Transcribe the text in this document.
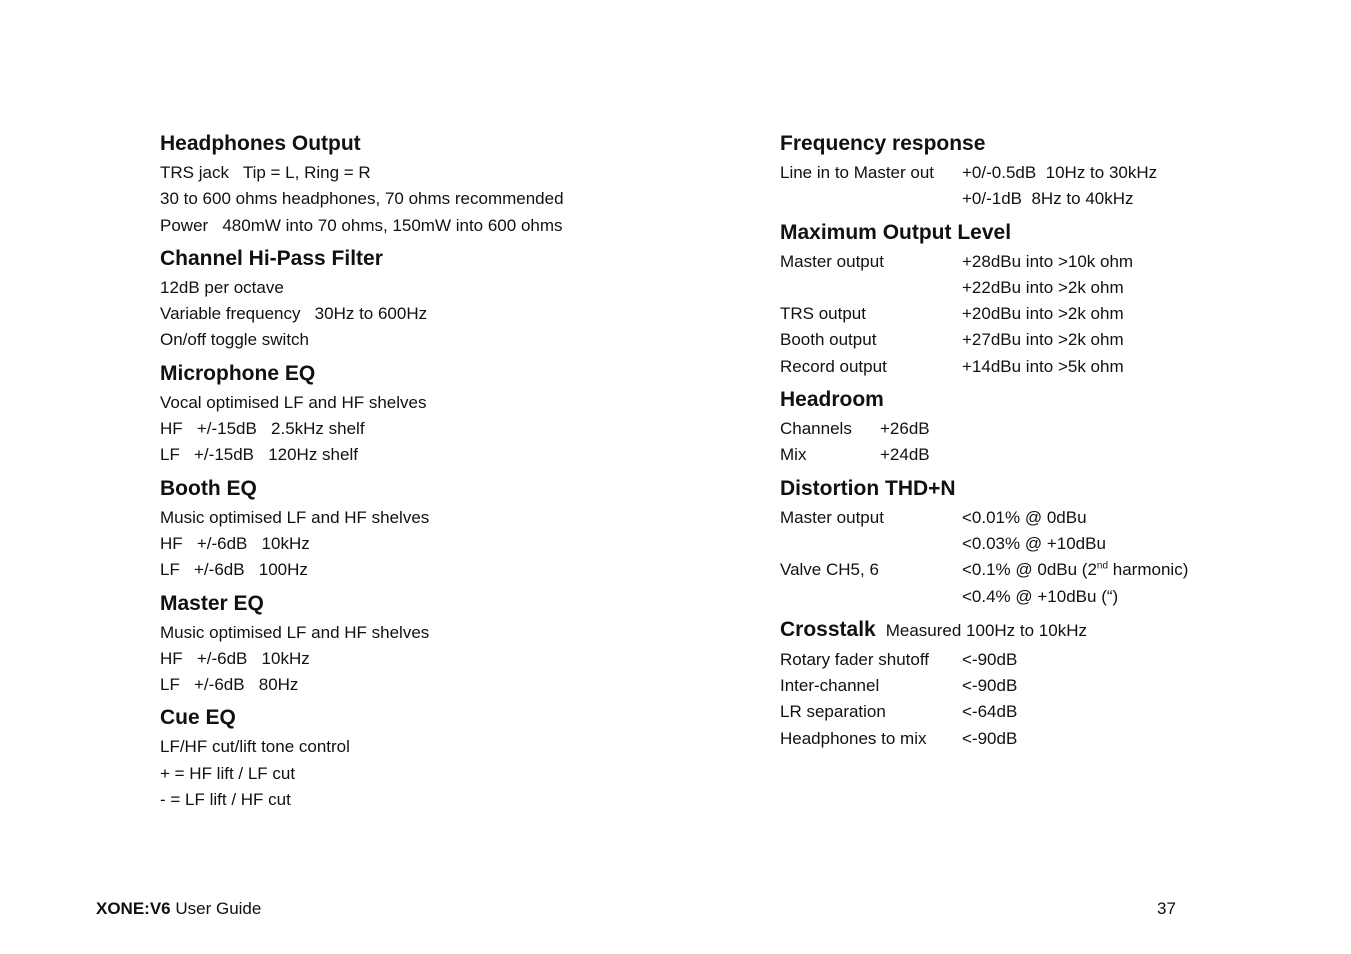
Headphones Output
TRS jack   Tip = L, Ring = R
30 to 600 ohms headphones, 70 ohms recommended
Power   480mW into 70 ohms, 150mW into 600 ohms
Channel Hi-Pass Filter
12dB per octave
Variable frequency   30Hz to 600Hz
On/off toggle switch
Microphone EQ
Vocal optimised LF and HF shelves
HF   +/-15dB   2.5kHz shelf
LF   +/-15dB   120Hz shelf
Booth EQ
Music optimised LF and HF shelves
HF   +/-6dB   10kHz
LF   +/-6dB   100Hz
Master EQ
Music optimised LF and HF shelves
HF   +/-6dB   10kHz
LF   +/-6dB   80Hz
Cue EQ
LF/HF cut/lift tone control
+ = HF lift / LF cut
- = LF lift / HF cut
Frequency response
Line in to Master out	+0/-0.5dB  10Hz to 30kHz
+0/-1dB  8Hz to 40kHz
Maximum Output Level
Master output	+28dBu into >10k ohm
+22dBu into >2k ohm
TRS output	+20dBu into >2k ohm
Booth output	+27dBu into >2k ohm
Record output	+14dBu into >5k ohm
Headroom
Channels	+26dB
Mix	+24dB
Distortion THD+N
Master output	<0.01% @ 0dBu
<0.03% @ +10dBu
Valve CH5, 6	<0.1% @ 0dBu (2nd harmonic)
<0.4% @ +10dBu (“)
Crosstalk Measured 100Hz to 10kHz
Rotary fader shutoff	<-90dB
Inter-channel	<-90dB
LR separation	<-64dB
Headphones to mix	<-90dB
XONE:V6 User Guide	37
